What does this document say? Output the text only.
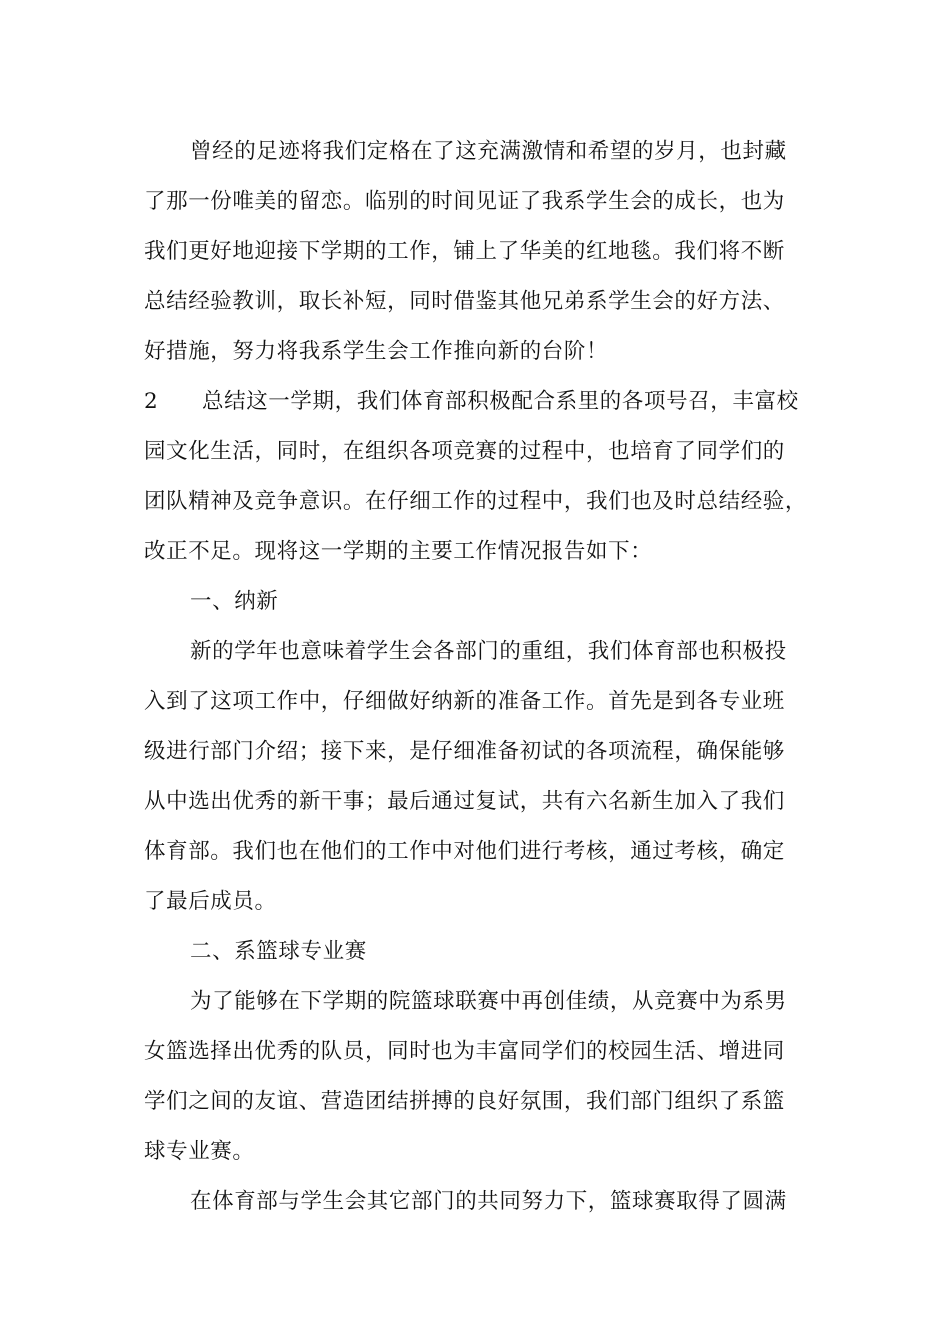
曾经的足迹将我们定格在了这充满激情和希望的岁月，也封藏
了那一份唯美的留恋。临别的时间见证了我系学生会的成长，也为
我们更好地迎接下学期的工作，铺上了华美的红地毯。我们将不断
总结经验教训，取长补短，同时借鉴其他兄弟系学生会的好方法、
好措施，努力将我系学生会工作推向新的台阶！
2	总结这一学期，我们体育部积极配合系里的各项号召，丰富校
园文化生活，同时，在组织各项竞赛的过程中，也培育了同学们的
团队精神及竞争意识。在仔细工作的过程中，我们也及时总结经验，
改正不足。现将这一学期的主要工作情况报告如下：
一、纳新
新的学年也意味着学生会各部门的重组，我们体育部也积极投
入到了这项工作中，仔细做好纳新的准备工作。首先是到各专业班
级进行部门介绍；接下来，是仔细准备初试的各项流程，确保能够
从中选出优秀的新干事；最后通过复试，共有六名新生加入了我们
体育部。我们也在他们的工作中对他们进行考核，通过考核，确定
了最后成员。
二、系篮球专业赛
为了能够在下学期的院篮球联赛中再创佳绩，从竞赛中为系男
女篮选择出优秀的队员，同时也为丰富同学们的校园生活、增进同
学们之间的友谊、营造团结拼搏的良好氛围，我们部门组织了系篮
球专业赛。
在体育部与学生会其它部门的共同努力下，篮球赛取得了圆满
